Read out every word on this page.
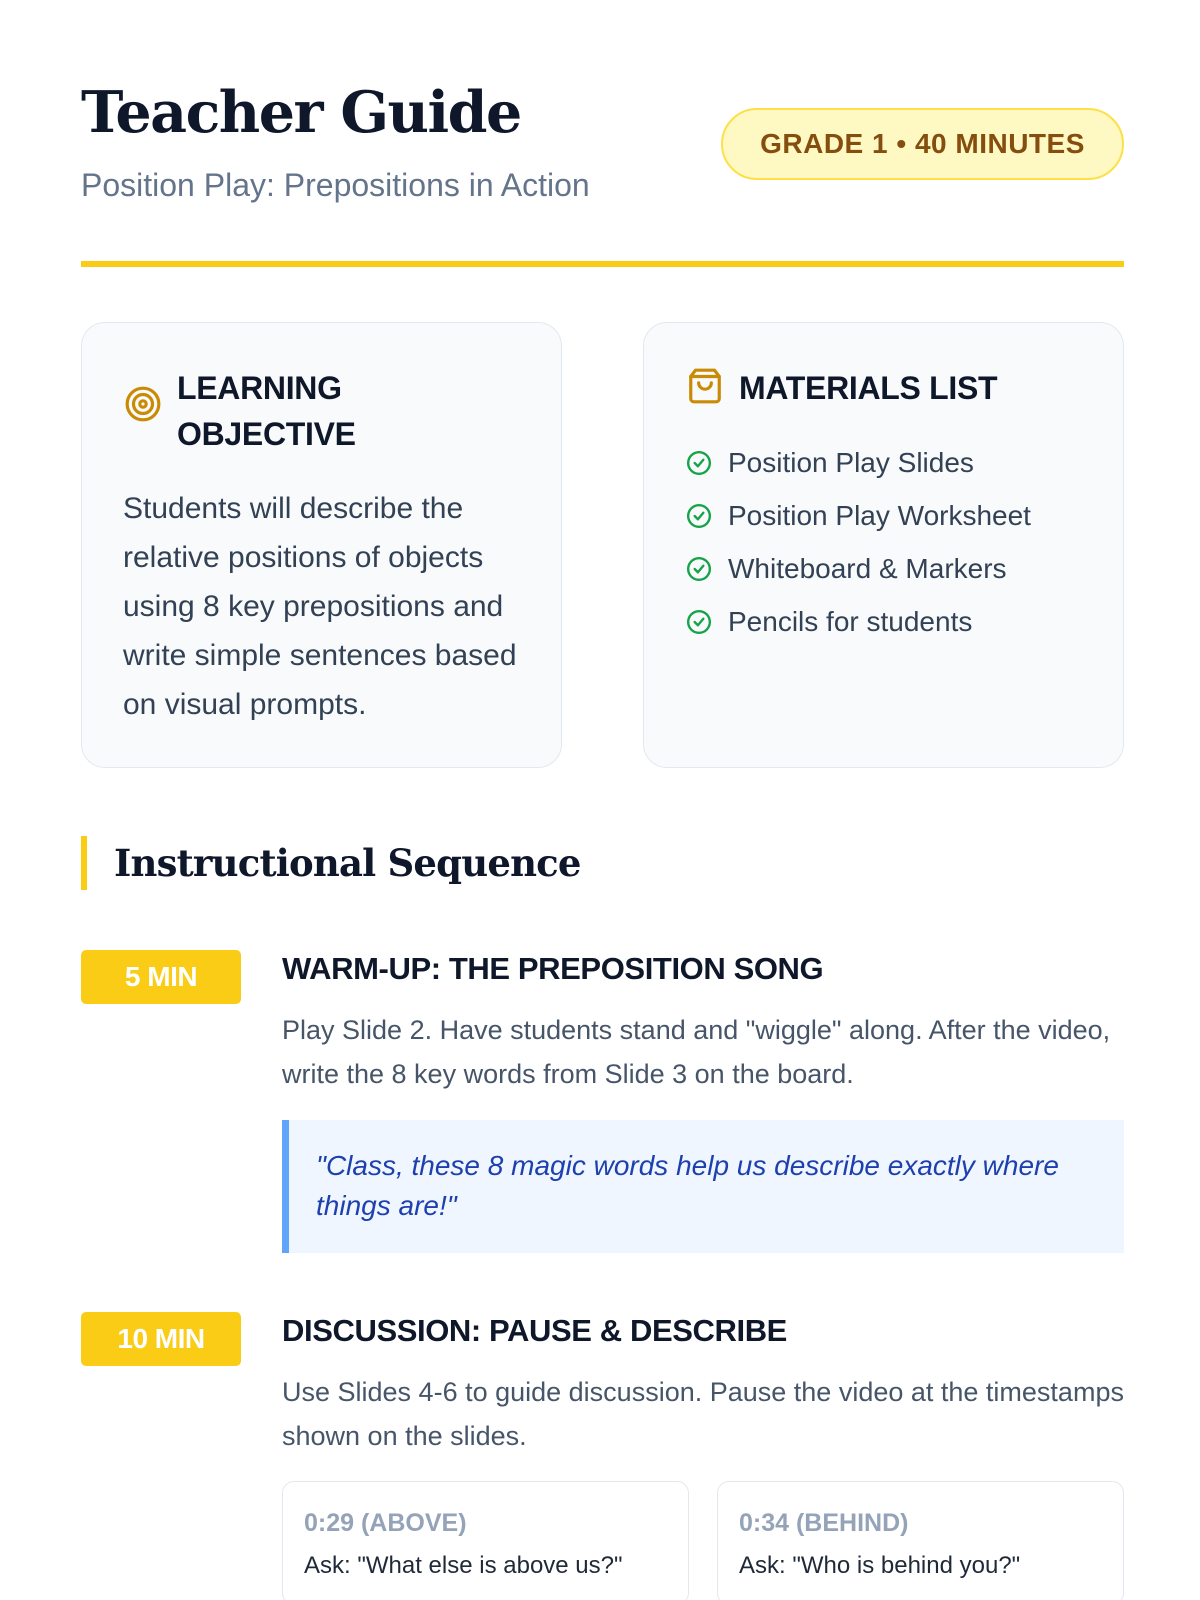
Teacher Guide
Position Play: Prepositions in Action
GRADE 1 • 40 MINUTES
LEARNING OBJECTIVE

Students will describe the relative positions of objects using 8 key prepositions and write simple sentences based on visual prompts.

MATERIALS LIST
Position Play Slides
Position Play Worksheet
Whiteboard & Markers
Pencils for students
Instructional Sequence
5 MIN	WARM-UP: THE PREPOSITION SONG

Play Slide 2. Have students stand and "wiggle" along. After the video, write the 8 key words from Slide 3 on the board.

"Class, these 8 magic words help us describe exactly where things are!"
10 MIN	DISCUSSION: PAUSE & DESCRIBE

Use Slides 4-6 to guide discussion. Pause the video at the timestamps shown on the slides.

0:29 (ABOVE)
Ask: "What else is above us?"
0:34 (BEHIND)
Ask: "Who is behind you?"
